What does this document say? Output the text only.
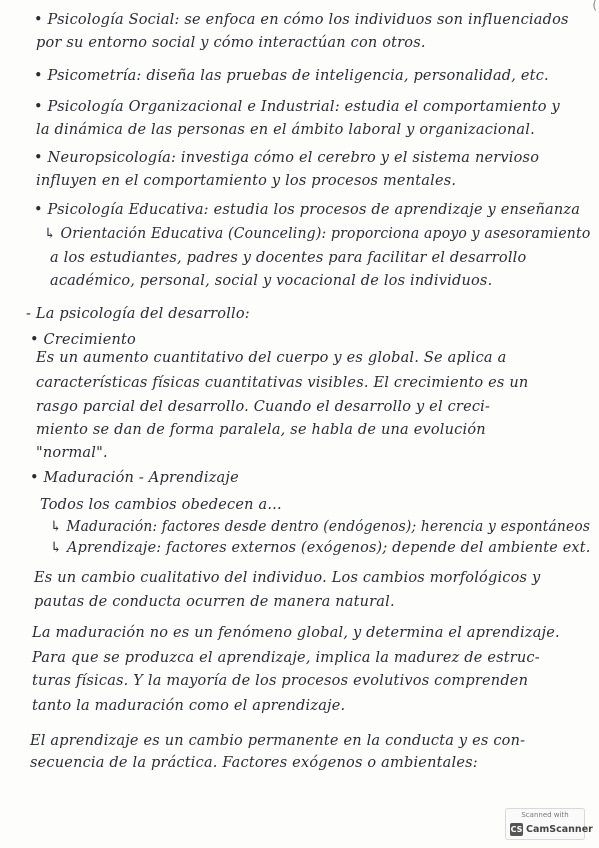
(
• Psicología Social: se enfoca en cómo los individuos son influenciados
por su entorno social y cómo interactúan con otros.
• Psicometría: diseña las pruebas de inteligencia, personalidad, etc.
• Psicología Organizacional e Industrial: estudia el comportamiento y
la dinámica de las personas en el ámbito laboral y organizacional.
• Neuropsicología: investiga cómo el cerebro y el sistema nervioso
influyen en el comportamiento y los procesos mentales.
• Psicología Educativa: estudia los procesos de aprendizaje y enseñanza
↳ Orientación Educativa (Counceling): proporciona apoyo y asesoramiento
a los estudiantes, padres y docentes para facilitar el desarrollo
académico, personal, social y vocacional de los individuos.
- La psicología del desarrollo:
• Crecimiento
Es un aumento cuantitativo del cuerpo y es global. Se aplica a
características físicas cuantitativas visibles. El crecimiento es un
rasgo parcial del desarrollo. Cuando el desarrollo y el creci-
miento se dan de forma paralela, se habla de una evolución
"normal".
• Maduración - Aprendizaje
Todos los cambios obedecen a...
↳ Maduración: factores desde dentro (endógenos); herencia y espontáneos
↳ Aprendizaje: factores externos (exógenos); depende del ambiente ext.
Es un cambio cualitativo del individuo. Los cambios morfológicos y
pautas de conducta ocurren de manera natural.
La maduración no es un fenómeno global, y determina el aprendizaje.
Para que se produzca el aprendizaje, implica la madurez de estruc-
turas físicas. Y la mayoría de los procesos evolutivos comprenden
tanto la maduración como el aprendizaje.
El aprendizaje es un cambio permanente en la conducta y es con-
secuencia de la práctica. Factores exógenos o ambientales:
Scanned with
CS CamScanner
